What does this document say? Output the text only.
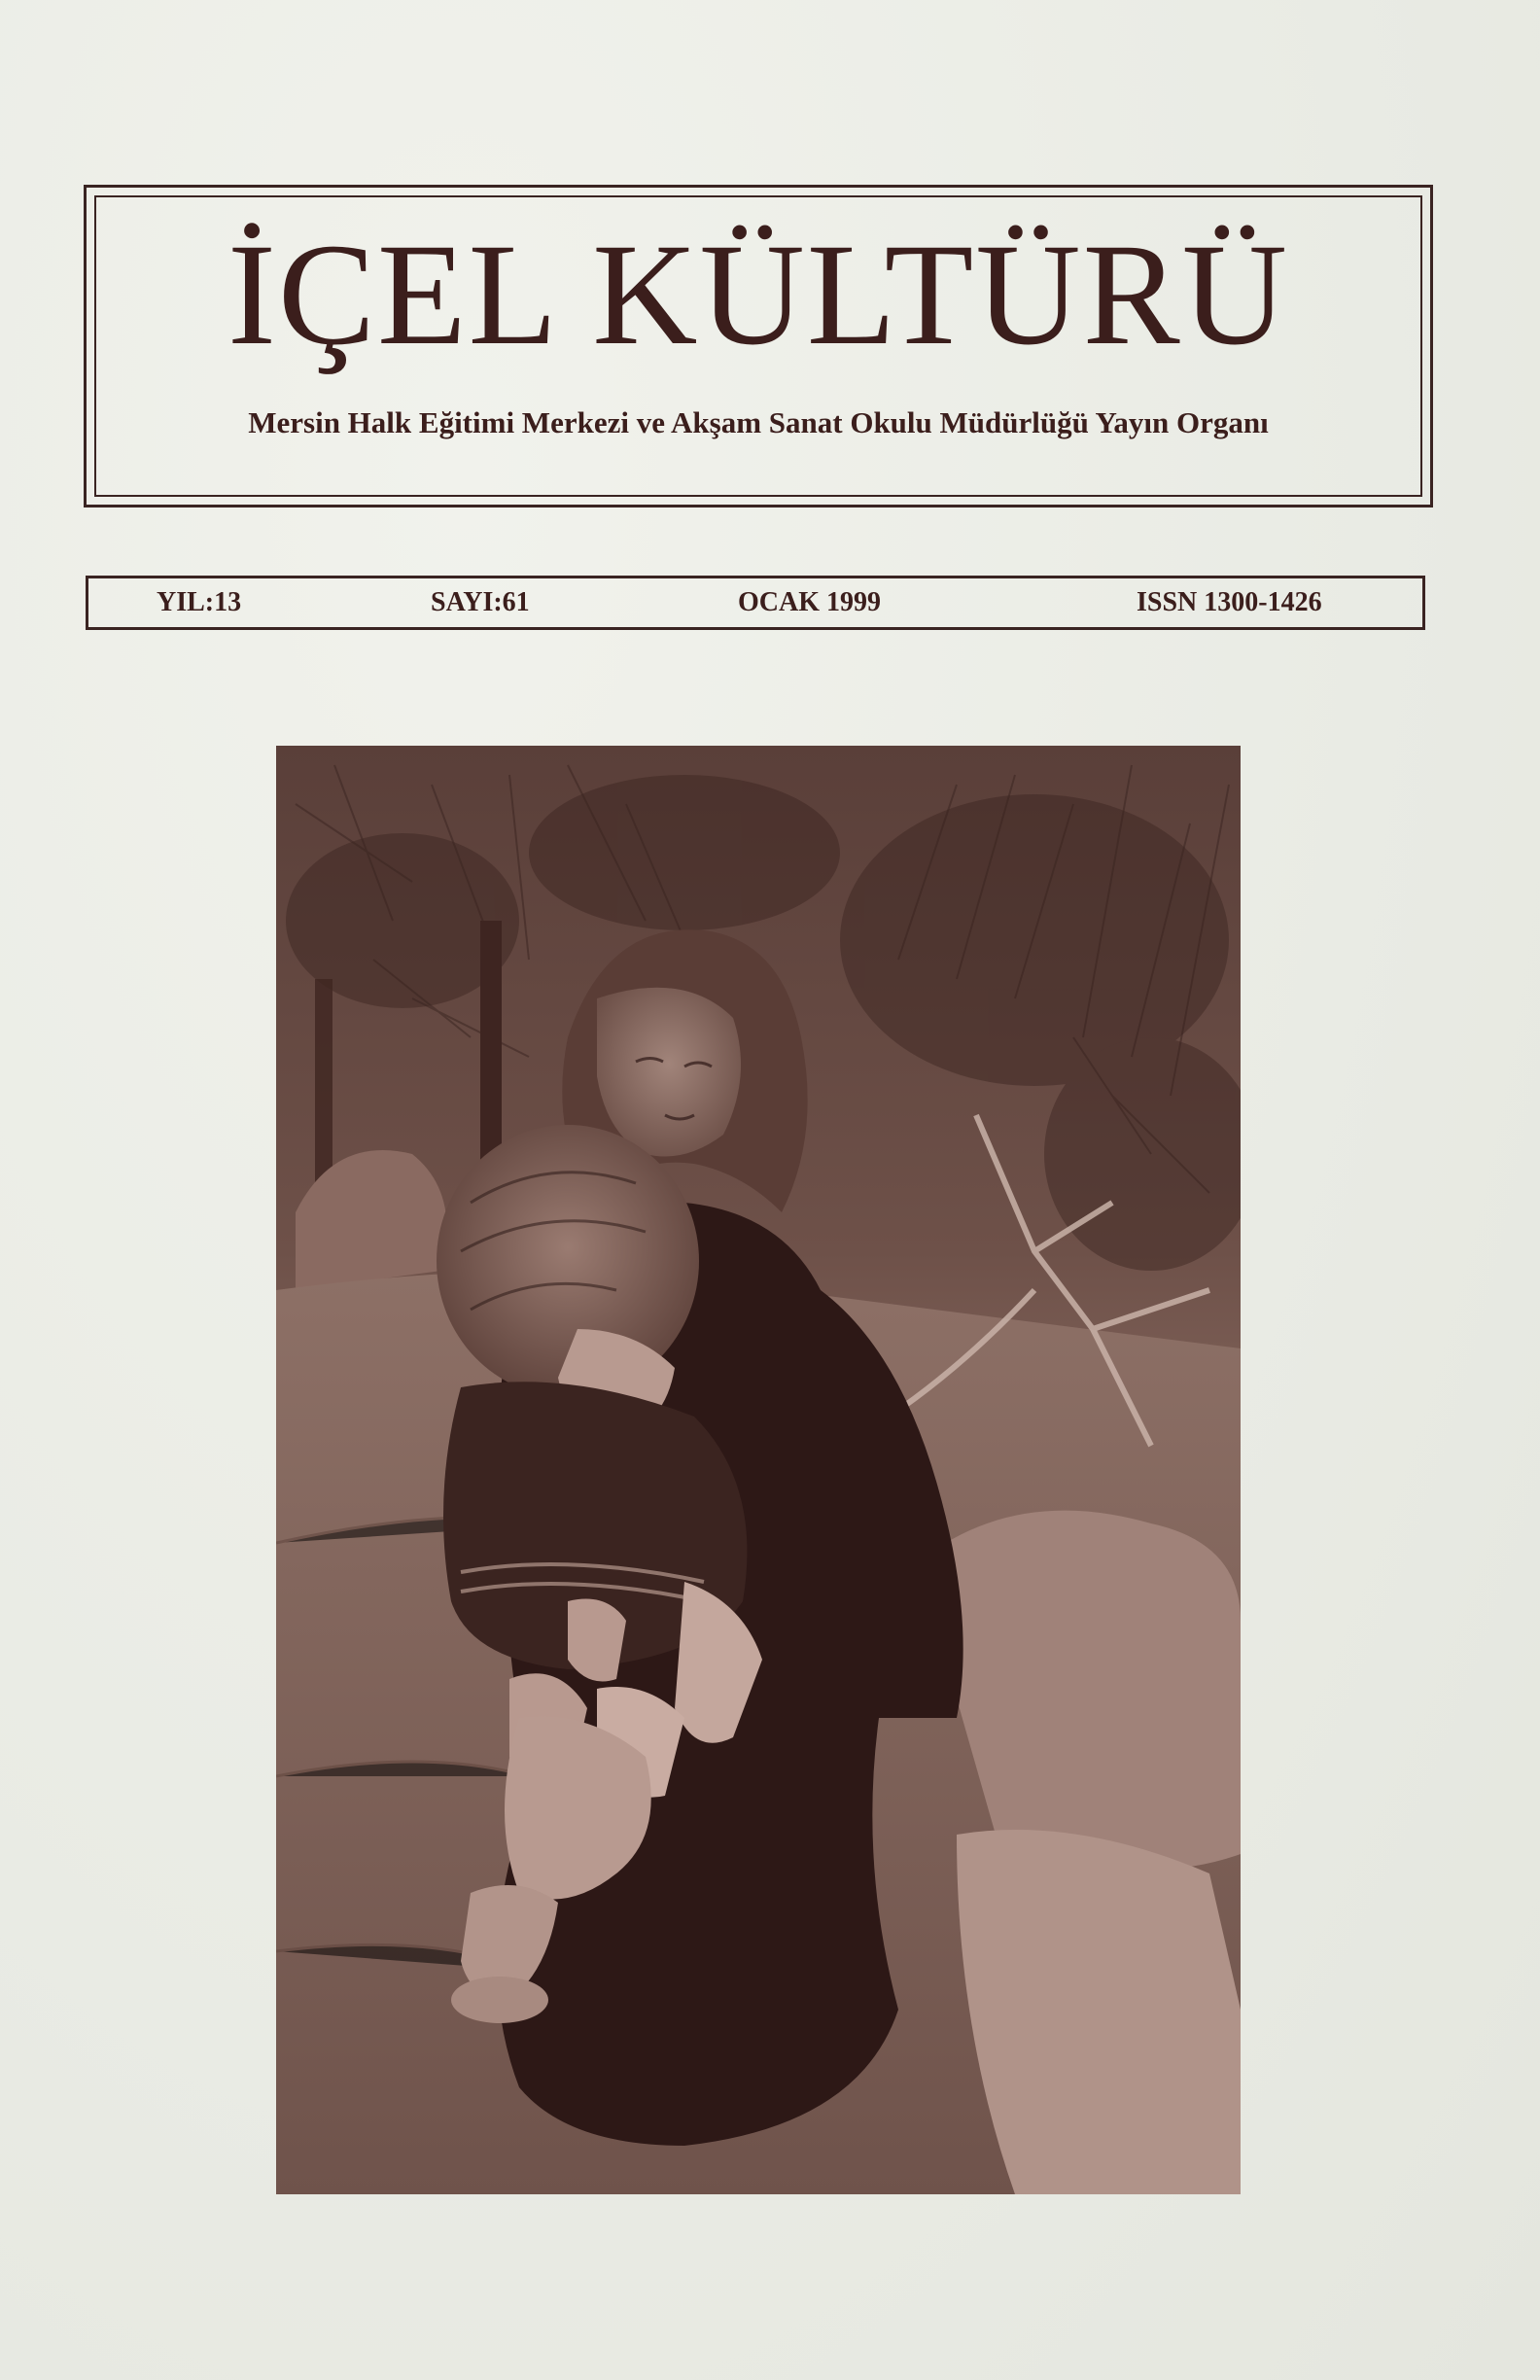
İÇEL KÜLTÜRÜ
Mersin Halk Eğitimi Merkezi ve Akşam Sanat Okulu Müdürlüğü Yayın Organı
YIL:13	SAYI:61	OCAK 1999	ISSN 1300-1426
